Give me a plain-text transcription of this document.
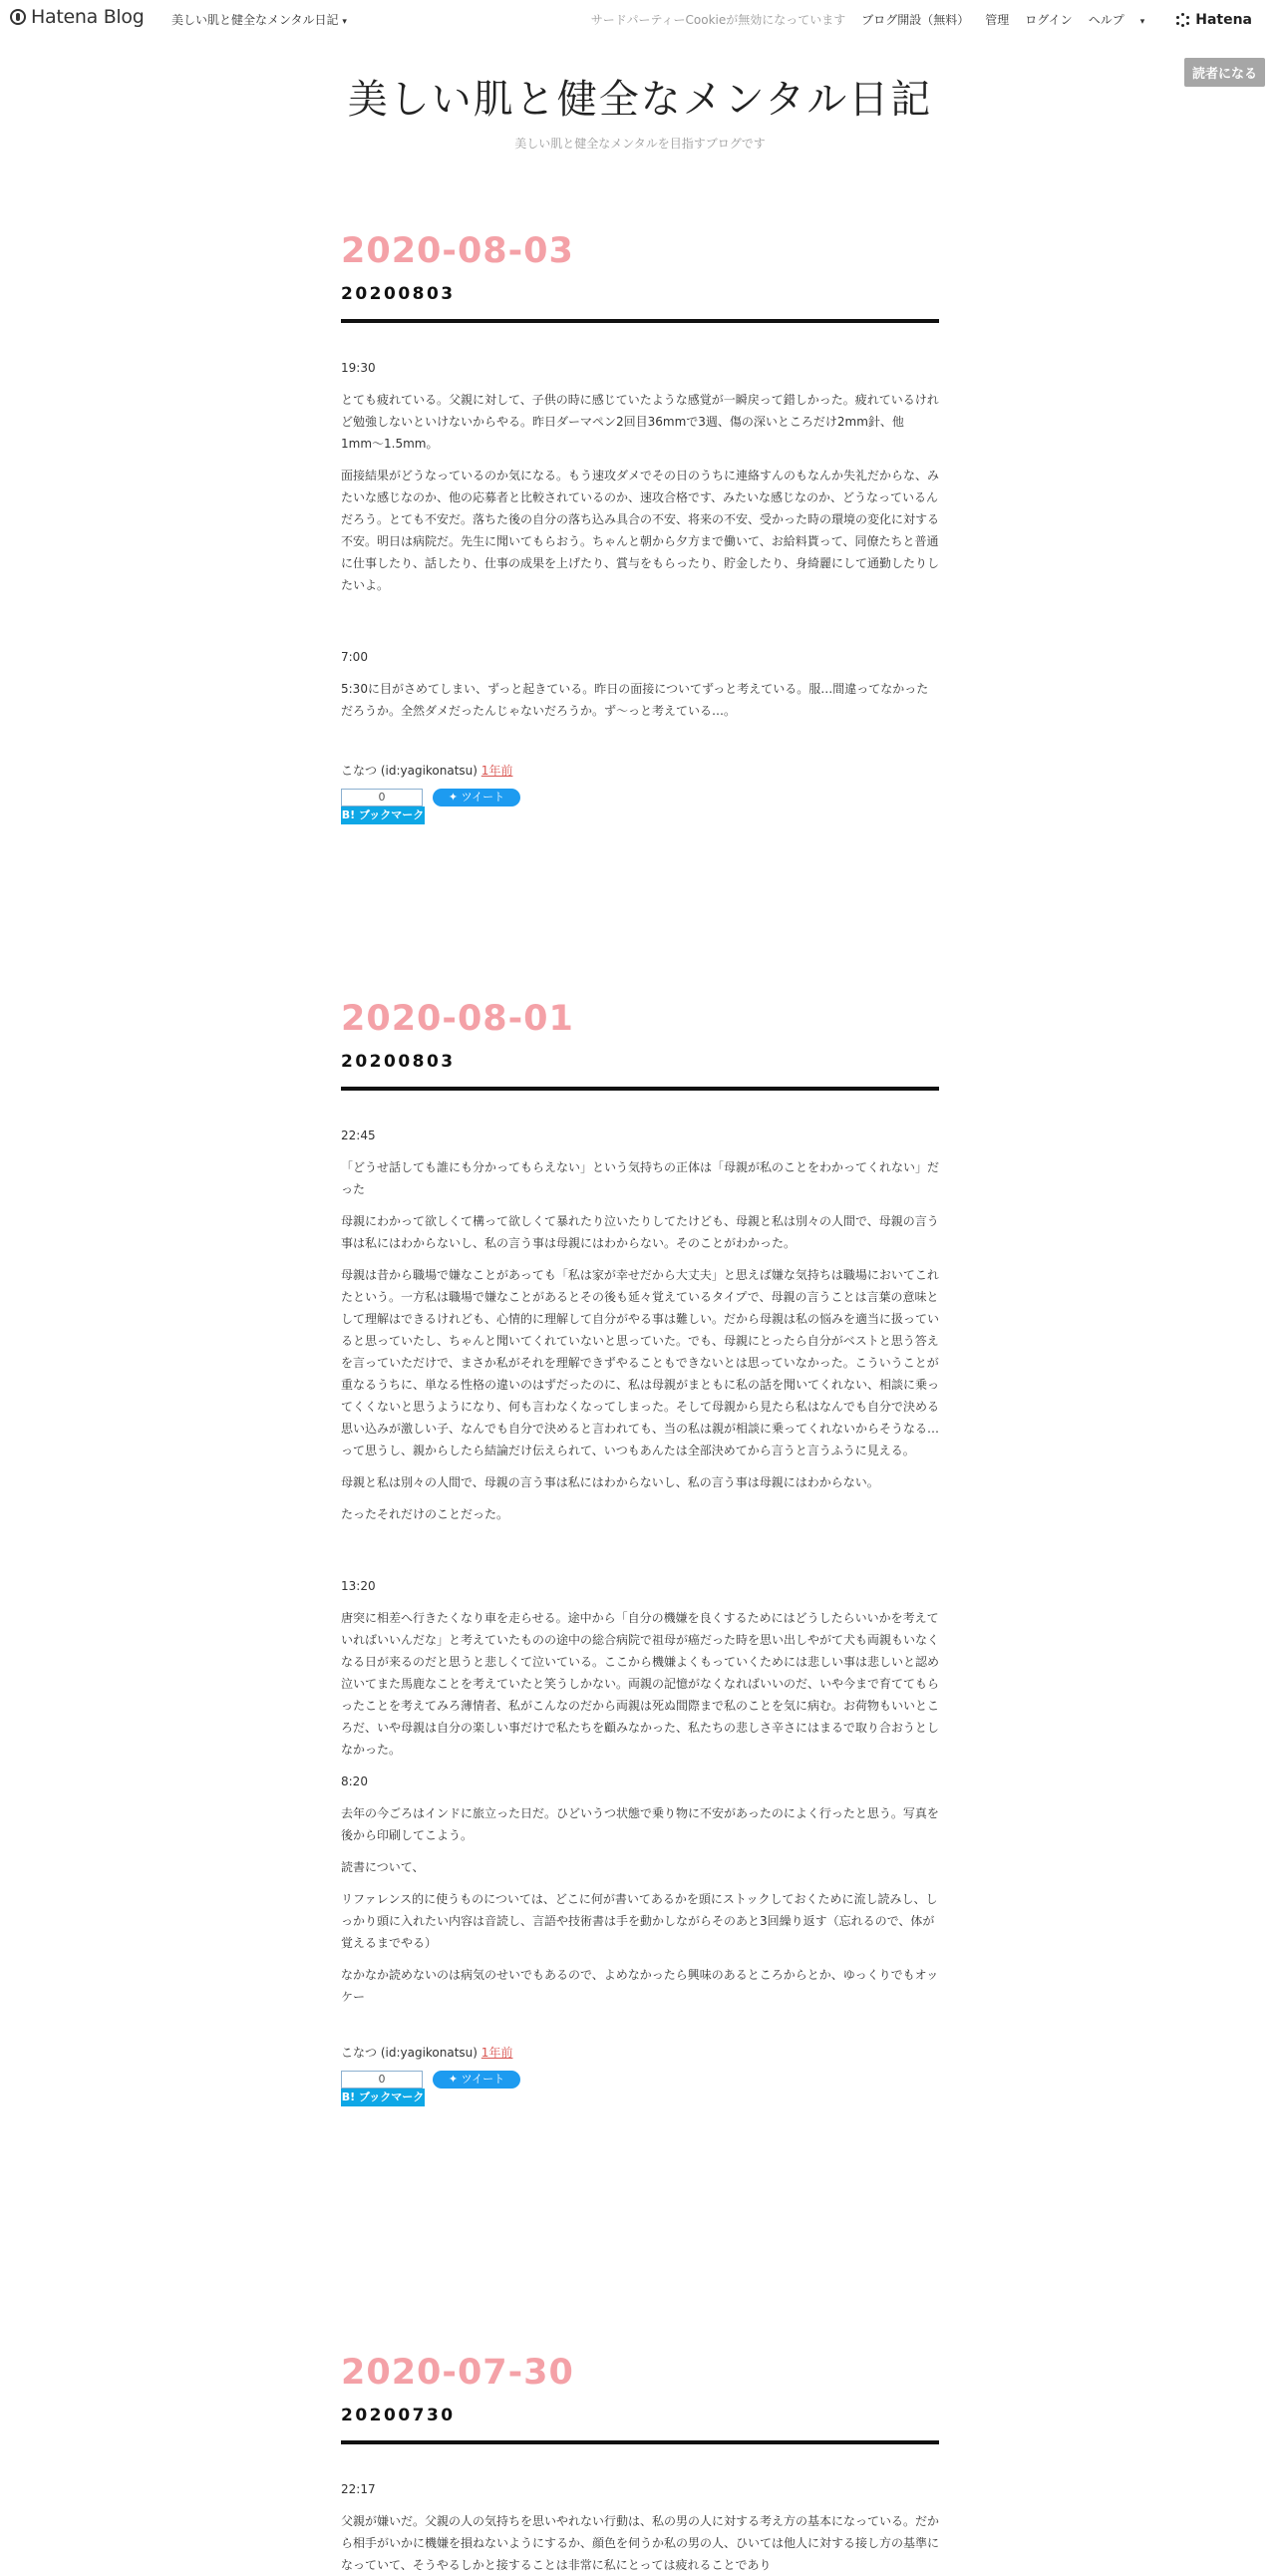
Hatena Blog 美しい肌と健全なメンタル日記 ▾	サードパーティーCookieが無効になっています ブログ開設（無料） 管理 ログイン ヘルプ ▾	Hatena
読者になる
美しい肌と健全なメンタル日記
美しい肌と健全なメンタルを目指すブログです
2020-08-03
20200803

19:30

とても疲れている。父親に対して、子供の時に感じていたような感覚が一瞬戻って錯しかった。疲れているけれど勉強しないといけないからやる。昨日ダーマペン2回目36mmで3週、傷の深いところだけ2mm針、他1mm〜1.5mm。

面接結果がどうなっているのか気になる。もう速攻ダメでその日のうちに連絡すんのもなんか失礼だからな、みたいな感じなのか、他の応募者と比較されているのか、速攻合格です、みたいな感じなのか、どうなっているんだろう。とても不安だ。落ちた後の自分の落ち込み具合の不安、将来の不安、受かった時の環境の変化に対する不安。明日は病院だ。先生に聞いてもらおう。ちゃんと朝から夕方まで働いて、お給料貰って、同僚たちと普通に仕事したり、話したり、仕事の成果を上げたり、賞与をもらったり、貯金したり、身綺麗にして通勤したりしたいよ。

7:00

5:30に目がさめてしまい、ずっと起きている。昨日の面接についてずっと考えている。服…間違ってなかっただろうか。全然ダメだったんじゃないだろうか。ず〜っと考えている…。

こなつ (id:yagikonatsu) 1年前
0
B! ブックマーク
✦ ツイート
2020-08-01
20200803

22:45

「どうせ話しても誰にも分かってもらえない」という気持ちの正体は「母親が私のことをわかってくれない」だった

母親にわかって欲しくて構って欲しくて暴れたり泣いたりしてたけども、母親と私は別々の人間で、母親の言う事は私にはわからないし、私の言う事は母親にはわからない。そのことがわかった。

母親は昔から職場で嫌なことがあっても「私は家が幸せだから大丈夫」と思えば嫌な気持ちは職場においてこれたという。一方私は職場で嫌なことがあるとその後も延々覚えているタイプで、母親の言うことは言葉の意味として理解はできるけれども、心情的に理解して自分がやる事は難しい。だから母親は私の悩みを適当に扱っていると思っていたし、ちゃんと聞いてくれていないと思っていた。でも、母親にとったら自分がベストと思う答えを言っていただけで、まさか私がそれを理解できずやることもできないとは思っていなかった。こういうことが重なるうちに、単なる性格の違いのはずだったのに、私は母親がまともに私の話を聞いてくれない、相談に乗ってくくないと思うようになり、何も言わなくなってしまった。そして母親から見たら私はなんでも自分で決める思い込みが激しい子、なんでも自分で決めると言われても、当の私は親が相談に乗ってくれないからそうなる…って思うし、親からしたら結論だけ伝えられて、いつもあんたは全部決めてから言うと言うふうに見える。

母親と私は別々の人間で、母親の言う事は私にはわからないし、私の言う事は母親にはわからない。

たったそれだけのことだった。

13:20

唐突に相差へ行きたくなり車を走らせる。途中から「自分の機嫌を良くするためにはどうしたらいいかを考えていればいいんだな」と考えていたものの途中の総合病院で祖母が癌だった時を思い出しやがて犬も両親もいなくなる日が来るのだと思うと悲しくて泣いている。ここから機嫌よくもっていくためには悲しい事は悲しいと認め泣いてまた馬鹿なことを考えていたと笑うしかない。両親の記憶がなくなればいいのだ、いや今まで育ててもらったことを考えてみろ薄情者、私がこんなのだから両親は死ぬ間際まで私のことを気に病む。お荷物もいいところだ、いや母親は自分の楽しい事だけで私たちを顧みなかった、私たちの悲しさ辛さにはまるで取り合おうとしなかった。

8:20

去年の今ごろはインドに旅立った日だ。ひどいうつ状態で乗り物に不安があったのによく行ったと思う。写真を後から印刷してこよう。

読書について、

リファレンス的に使うものについては、どこに何が書いてあるかを頭にストックしておくために流し読みし、しっかり頭に入れたい内容は音読し、言語や技術書は手を動かしながらそのあと3回繰り返す（忘れるので、体が覚えるまでやる）

なかなか読めないのは病気のせいでもあるので、よめなかったら興味のあるところからとか、ゆっくりでもオッケー

こなつ (id:yagikonatsu) 1年前
0
B! ブックマーク
✦ ツイート
2020-07-30
20200730

22:17

父親が嫌いだ。父親の人の気持ちを思いやれない行動は、私の男の人に対する考え方の基本になっている。だから相手がいかに機嫌を損ねないようにするか、顔色を伺うか私の男の人、ひいては他人に対する接し方の基準になっていて、そうやるしかと接することは非常に私にとっては疲れることであり
